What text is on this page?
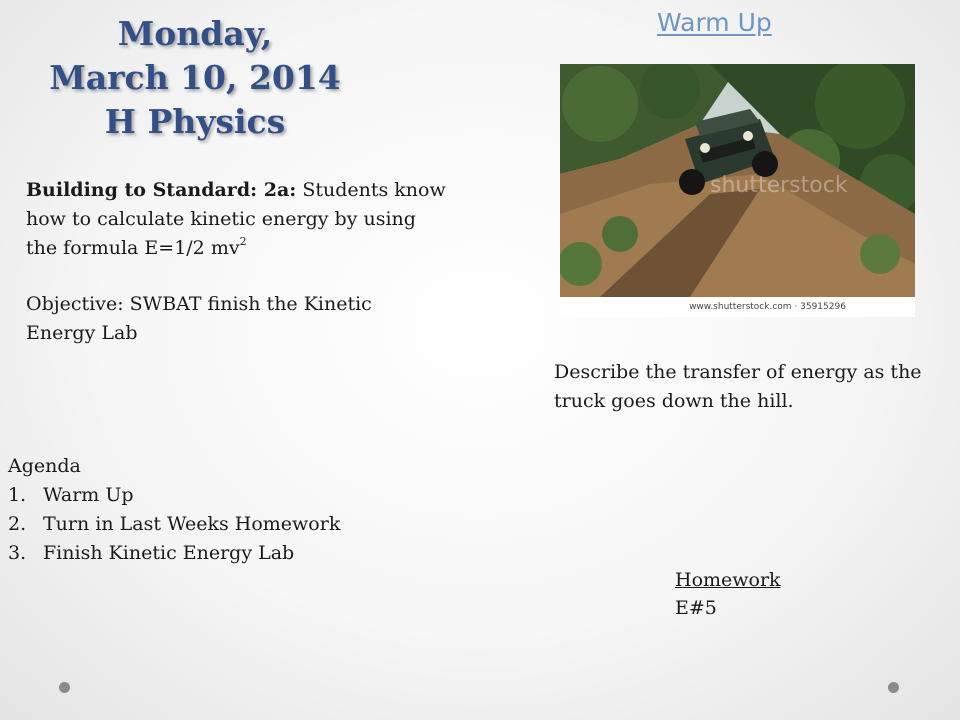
Monday,
March 10, 2014
H Physics
Warm Up
Building to Standard: 2a: Students know how to calculate kinetic energy by using the formula E=1/2 $mv^2$
Objective: SWBAT finish the Kinetic Energy Lab
shutterstock
www.shutterstock.com · 35915296
Describe the transfer of energy as the truck goes down the hill.
Agenda
1. Warm Up
2. Turn in Last Weeks Homework
3. Finish Kinetic Energy Lab
Homework
E#5
